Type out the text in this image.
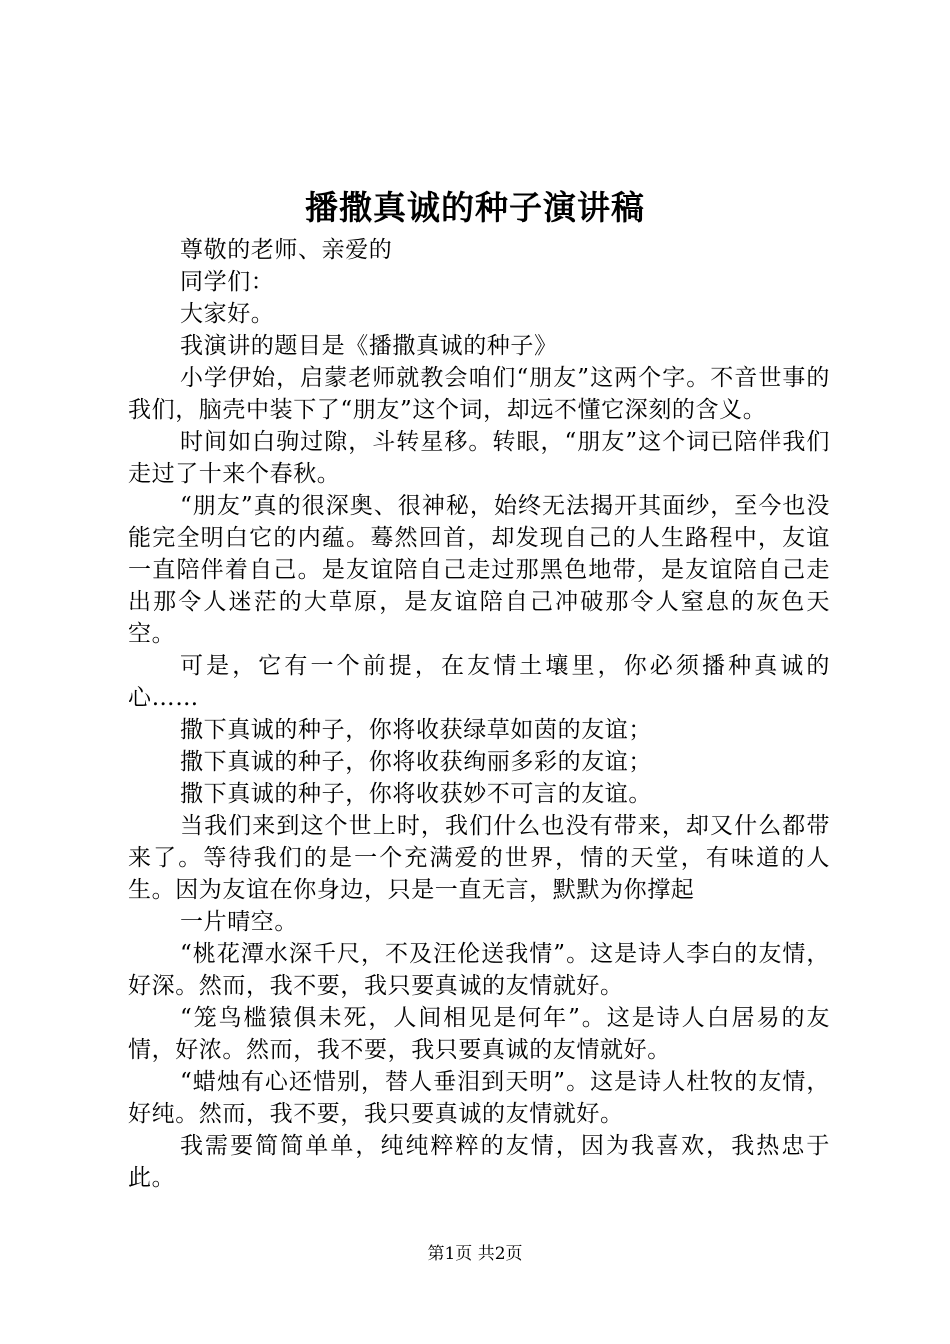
播撒真诚的种子演讲稿

尊敬的老师、亲爱的

同学们：

大家好。

我演讲的题目是《播撒真诚的种子》

小学伊始，启蒙老师就教会咱们“朋友”这两个字。不音世事的我们，脑壳中装下了“朋友”这个词，却远不懂它深刻的含义。

时间如白驹过隙，斗转星移。转眼，“朋友”这个词已陪伴我们走过了十来个春秋。

“朋友”真的很深奥、很神秘，始终无法揭开其面纱，至今也没能完全明白它的内蕴。蓦然回首，却发现自己的人生路程中，友谊一直陪伴着自己。是友谊陪自己走过那黑色地带，是友谊陪自己走出那令人迷茫的大草原，是友谊陪自己冲破那令人窒息的灰色天空。

可是，它有一个前提，在友情土壤里，你必须播种真诚的心……

撒下真诚的种子，你将收获绿草如茵的友谊；

撒下真诚的种子，你将收获绚丽多彩的友谊；

撒下真诚的种子，你将收获妙不可言的友谊。

当我们来到这个世上时，我们什么也没有带来，却又什么都带来了。等待我们的是一个充满爱的世界，情的天堂，有味道的人生。因为友谊在你身边，只是一直无言，默默为你撑起

一片晴空。

“桃花潭水深千尺，不及汪伦送我情”。这是诗人李白的友情，好深。然而，我不要，我只要真诚的友情就好。

“笼鸟槛猿俱未死，人间相见是何年”。这是诗人白居易的友情，好浓。然而，我不要，我只要真诚的友情就好。

“蜡烛有心还惜别，替人垂泪到天明”。这是诗人杜牧的友情，好纯。然而，我不要，我只要真诚的友情就好。

我需要简简单单，纯纯粹粹的友情，因为我喜欢，我热忠于此。

第1页 共2页
